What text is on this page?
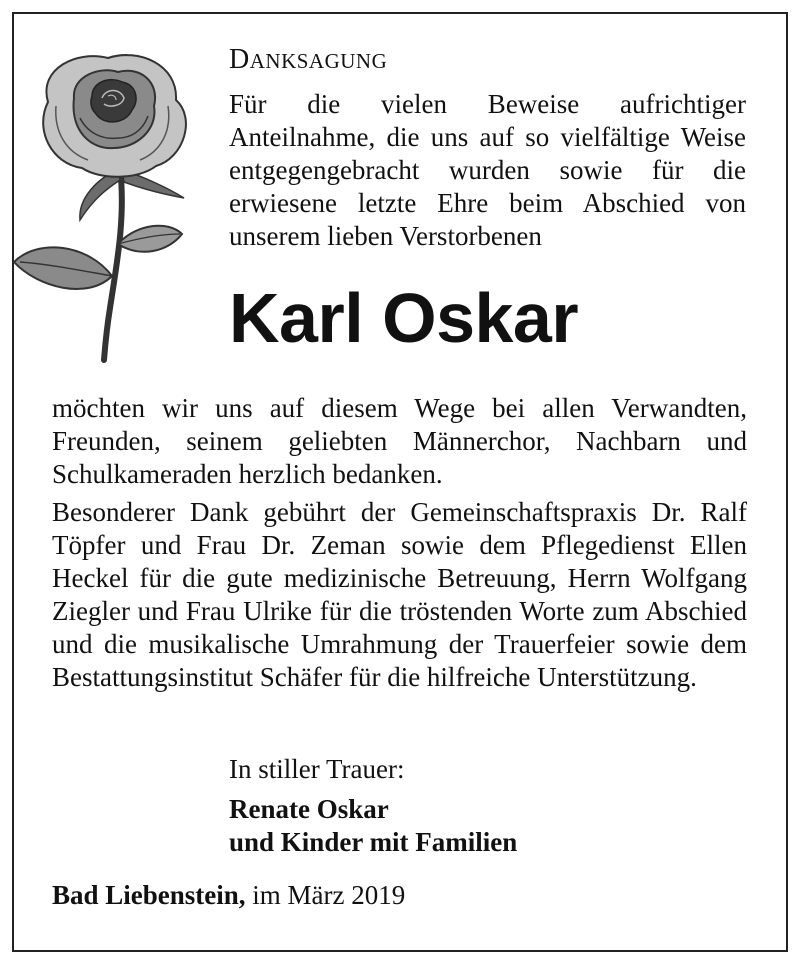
DANKSAGUNG
Für die vielen Beweise aufrichtiger Anteilnahme, die uns auf so vielfältige Weise entgegengebracht wurden sowie für die erwiesene letzte Ehre beim Abschied von unserem lieben Verstorbenen
Karl Oskar
möchten wir uns auf diesem Wege bei allen Verwandten, Freunden, seinem geliebten Männerchor, Nachbarn und Schulkameraden herzlich bedanken.
Besonderer Dank gebührt der Gemeinschaftspraxis Dr. Ralf Töpfer und Frau Dr. Zeman sowie dem Pflegedienst Ellen Heckel für die gute medizinische Betreuung, Herrn Wolfgang Ziegler und Frau Ulrike für die tröstenden Worte zum Abschied und die musikalische Umrahmung der Trauerfeier sowie dem Bestattungsinstitut Schäfer für die hilfreiche Unterstützung.
In stiller Trauer:
Renate Oskar
und Kinder mit Familien
Bad Liebenstein, im März 2019
